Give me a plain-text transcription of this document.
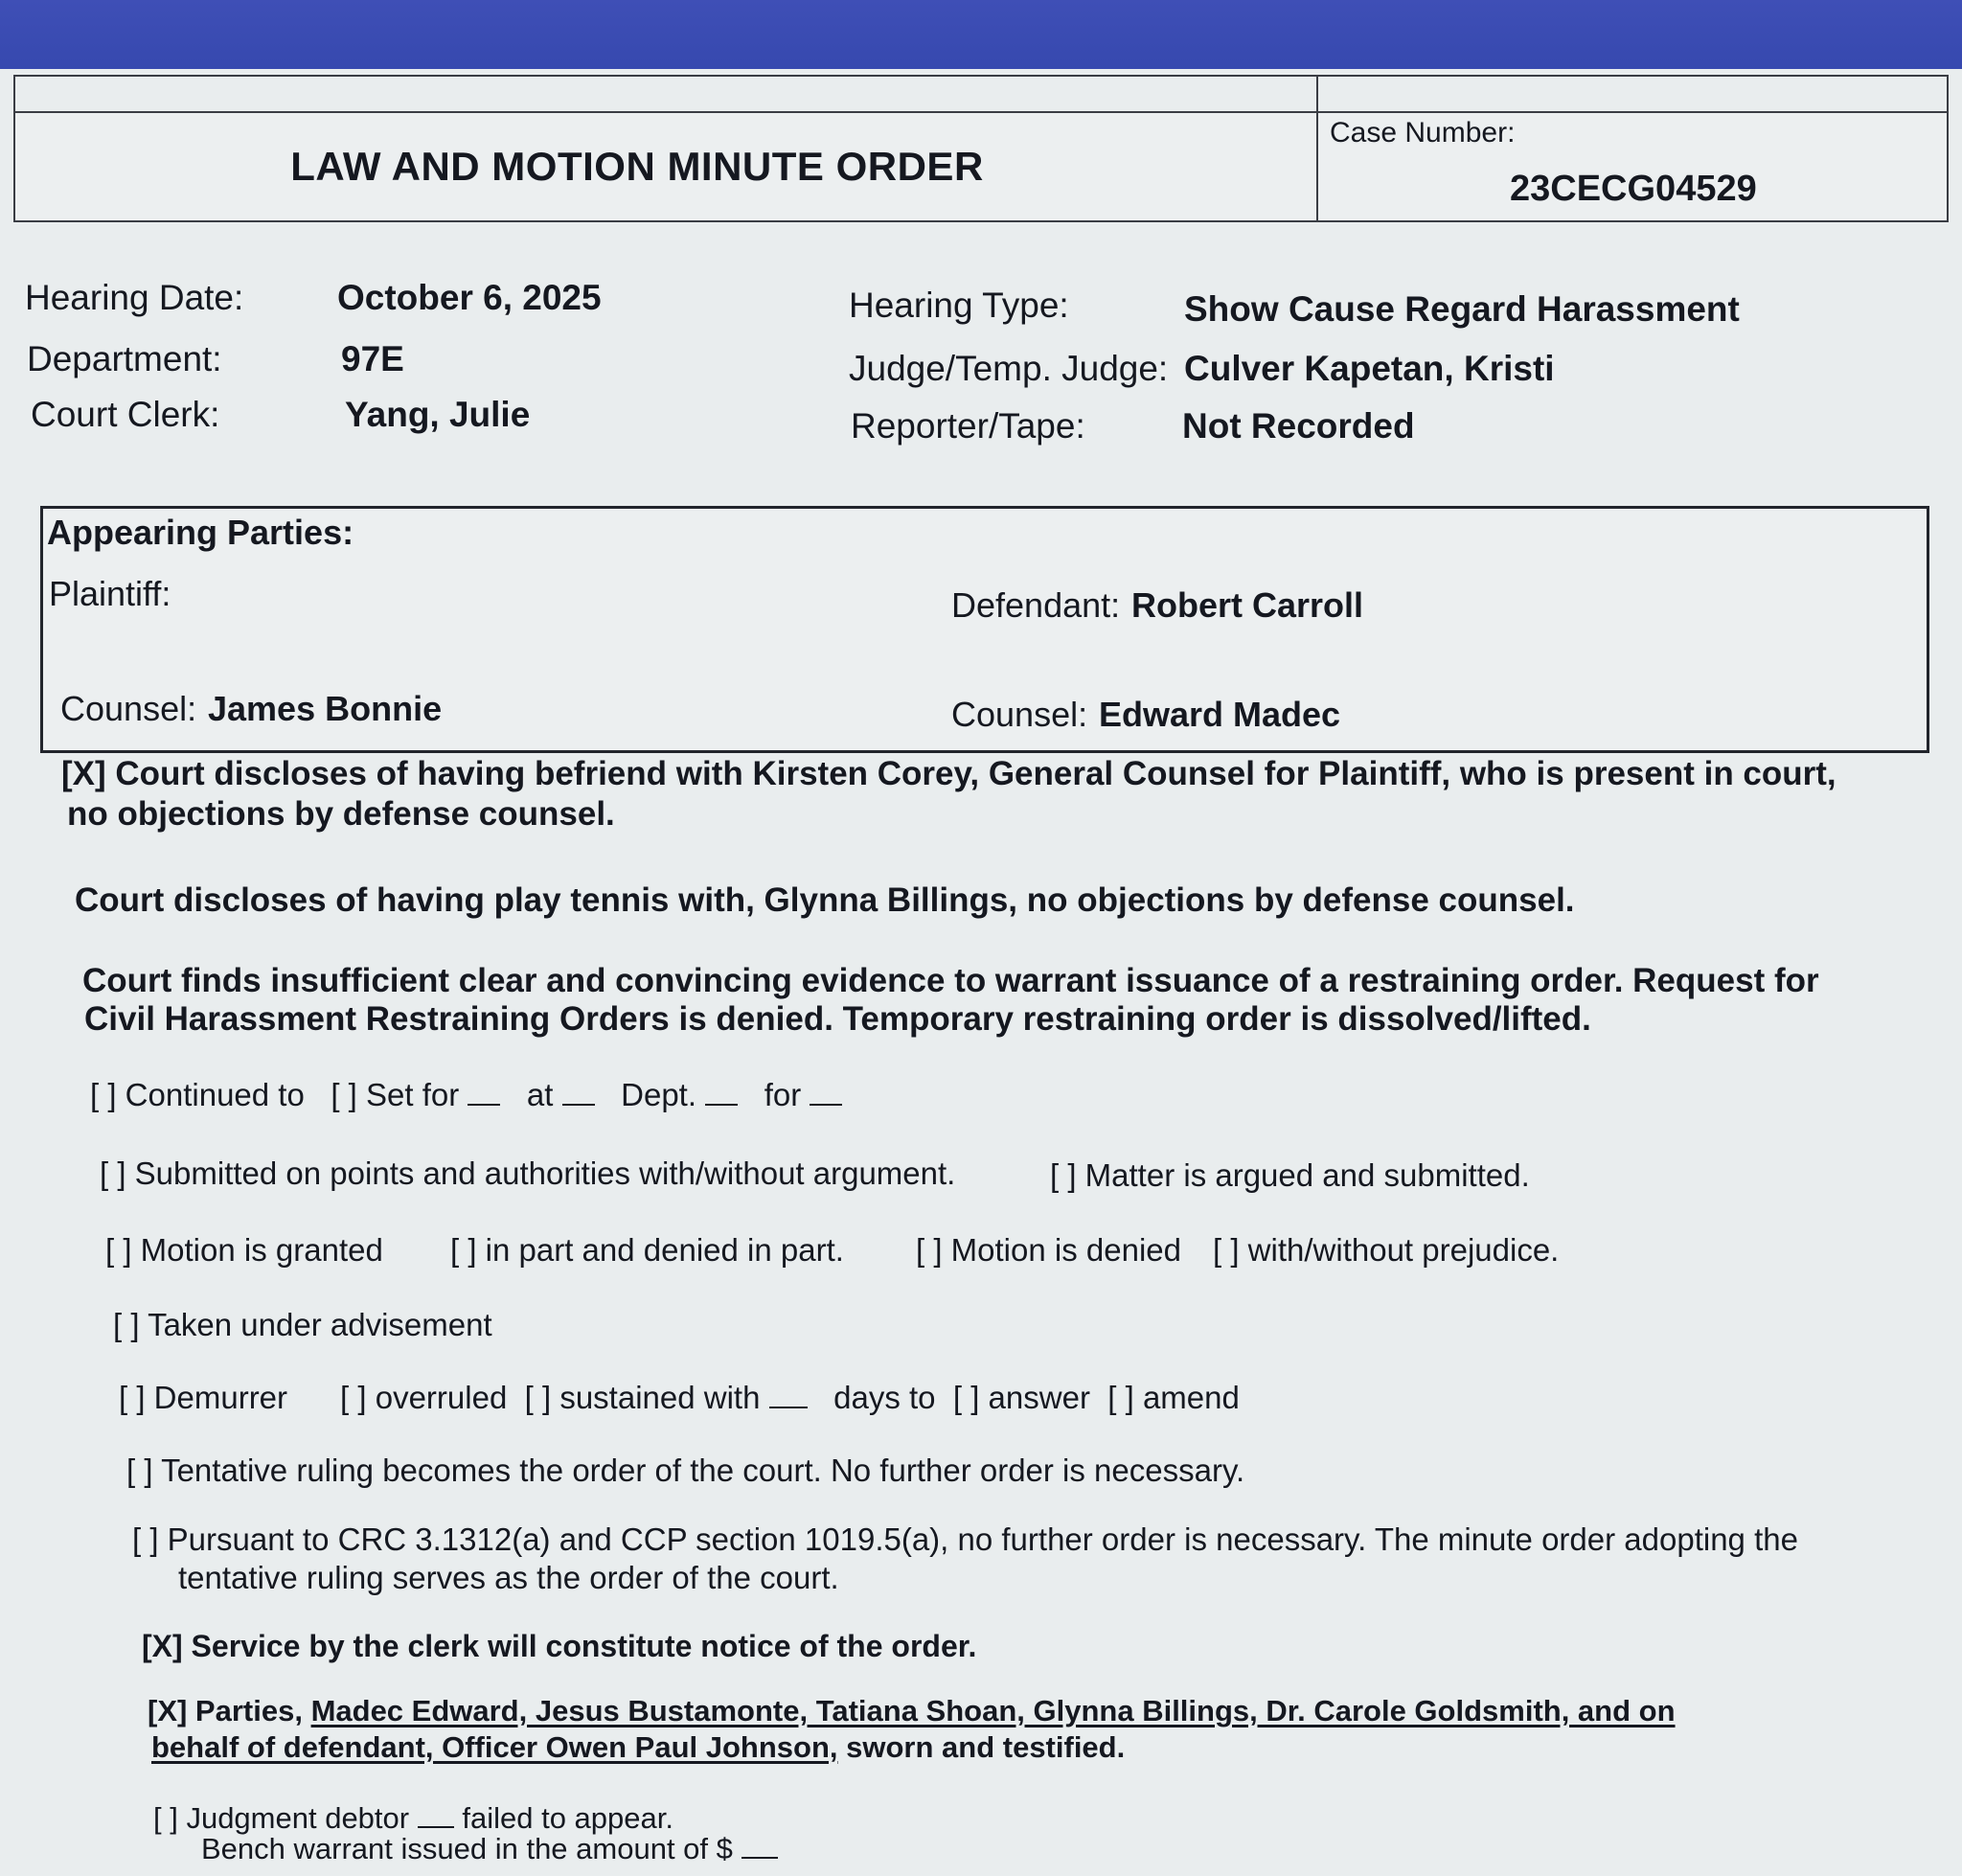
LAW AND MOTION MINUTE ORDER
Case Number:
23CECG04529
Hearing Date:	October 6, 2025
Department:	97E
Court Clerk:	Yang, Julie
Hearing Type:	Show Cause Regard Harassment
Judge/Temp. Judge: Culver Kapetan, Kristi
Reporter/Tape:	Not Recorded
Appearing Parties:
Plaintiff:	Defendant: Robert Carroll
Counsel: James Bonnie	Counsel: Edward Madec
[X] Court discloses of having befriend with Kirsten Corey, General Counsel for Plaintiff, who is present in court,
no objections by defense counsel.
Court discloses of having play tennis with, Glynna Billings, no objections by defense counsel.
Court finds insufficient clear and convincing evidence to warrant issuance of a restraining order. Request for
Civil Harassment Restraining Orders is denied. Temporary restraining order is dissolved/lifted.
[ ] Continued to [ ] Set for at Dept. for
[ ] Submitted on points and authorities with/without argument.	[ ] Matter is argued and submitted.
[ ] Motion is granted [ ] in part and denied in part. [ ] Motion is denied [ ] with/without prejudice.
[ ] Taken under advisement
[ ] Demurrer [ ] overruled [ ] sustained with days to [ ] answer [ ] amend
[ ] Tentative ruling becomes the order of the court. No further order is necessary.
[ ] Pursuant to CRC 3.1312(a) and CCP section 1019.5(a), no further order is necessary. The minute order adopting the
tentative ruling serves as the order of the court.
[X] Service by the clerk will constitute notice of the order.
[X] Parties, Madec Edward, Jesus Bustamonte, Tatiana Shoan, Glynna Billings, Dr. Carole Goldsmith, and on
behalf of defendant, Officer Owen Paul Johnson, sworn and testified.
[ ] Judgment debtor failed to appear.
Bench warrant issued in the amount of $
